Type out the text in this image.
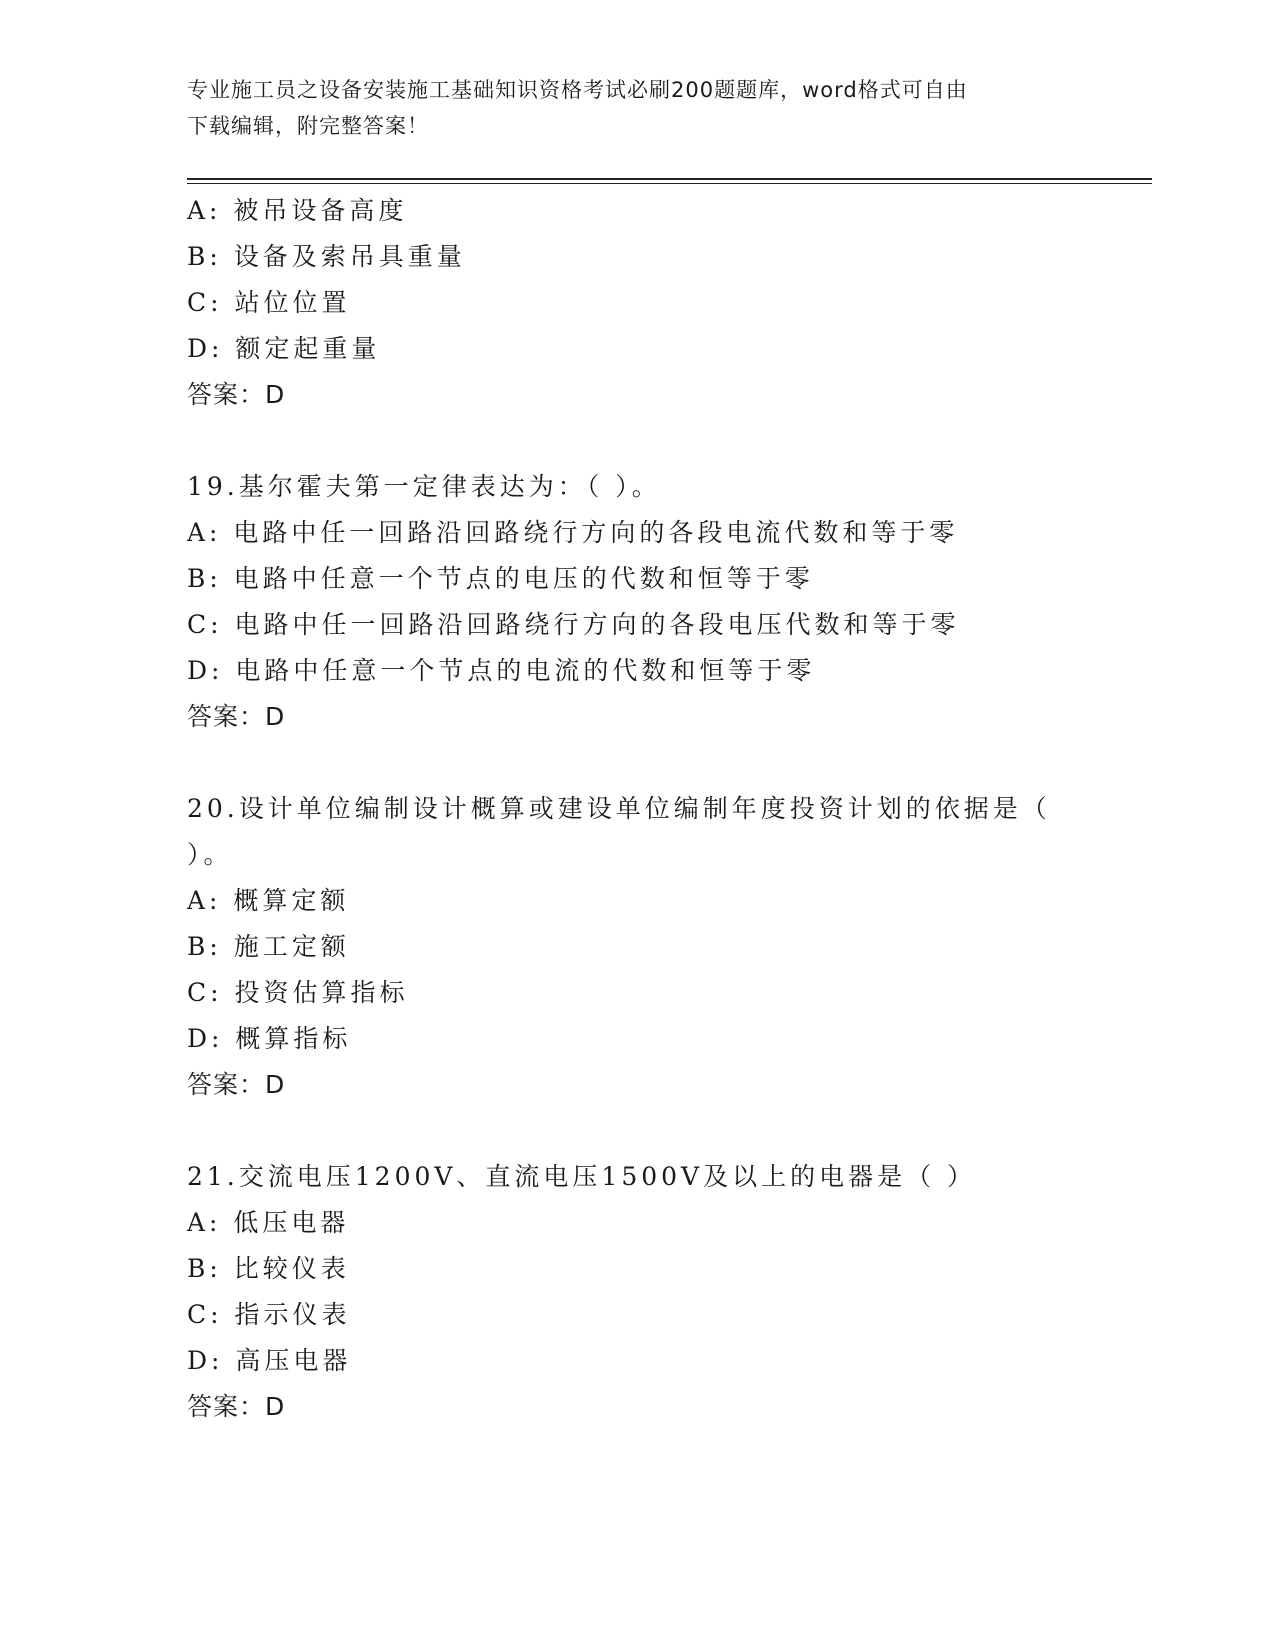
专业施工员之设备安装施工基础知识资格考试必刷200题题库，word格式可自由
下载编辑，附完整答案！
A: 被吊设备高度
B: 设备及索吊具重量
C: 站位位置
D: 额定起重量
答案：D
19.基尔霍夫第一定律表达为：（ ）。
A: 电路中任一回路沿回路绕行方向的各段电流代数和等于零
B: 电路中任意一个节点的电压的代数和恒等于零
C: 电路中任一回路沿回路绕行方向的各段电压代数和等于零
D: 电路中任意一个节点的电流的代数和恒等于零
答案：D
20.设计单位编制设计概算或建设单位编制年度投资计划的依据是（
）。
A: 概算定额
B: 施工定额
C: 投资估算指标
D: 概算指标
答案：D
21.交流电压1200V、直流电压1500V及以上的电器是（ ）
A: 低压电器
B: 比较仪表
C: 指示仪表
D: 高压电器
答案：D
